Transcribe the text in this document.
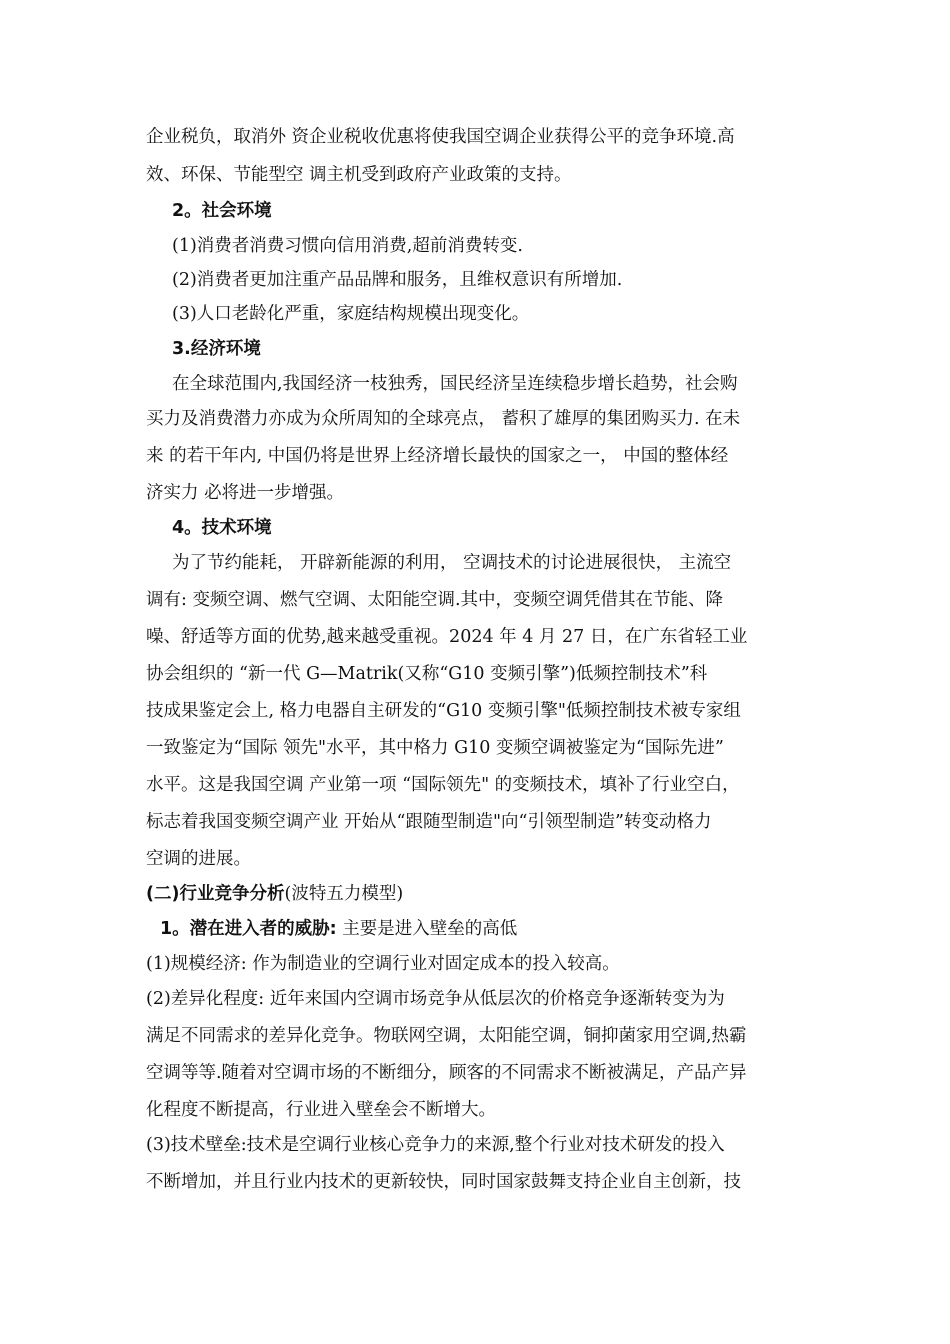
企业税负，取消外 资企业税收优惠将使我国空调企业获得公平的竞争环境.高
效、环保、节能型空 调主机受到政府产业政策的支持。
2。社会环境
(1)消费者消费习惯向信用消费,超前消费转变.
(2)消费者更加注重产品品牌和服务，且维权意识有所增加.
(3)人口老龄化严重，家庭结构规模出现变化。
3.经济环境
在全球范围内,我国经济一枝独秀，国民经济呈连续稳步增长趋势，社会购
买力及消费潜力亦成为众所周知的全球亮点， 蓄积了雄厚的集团购买力. 在未
来 的若干年内, 中国仍将是世界上经济增长最快的国家之一， 中国的整体经
济实力 必将进一步增强。
4。技术环境
为了节约能耗， 开辟新能源的利用， 空调技术的讨论进展很快， 主流空
调有: 变频空调、燃气空调、太阳能空调.其中，变频空调凭借其在节能、降
噪、舒适等方面的优势,越来越受重视。2024 年 4 月 27 日，在广东省轻工业
协会组织的 “新一代 G—Matrik(又称“G10 变频引擎”)低频控制技术”科
技成果鉴定会上, 格力电器自主研发的“G10 变频引擎"低频控制技术被专家组
一致鉴定为“国际 领先"水平，其中格力 G10 变频空调被鉴定为“国际先进”
水平。这是我国空调 产业第一项 “国际领先" 的变频技术，填补了行业空白，
标志着我国变频空调产业 开始从“跟随型制造"向“引领型制造”转变动格力
空调的进展。
(二)行业竞争分析(波特五力模型)
1。潜在进入者的威胁: 主要是进入壁垒的高低
(1)规模经济: 作为制造业的空调行业对固定成本的投入较高。
(2)差异化程度: 近年来国内空调市场竞争从低层次的价格竞争逐渐转变为为
满足不同需求的差异化竞争。物联网空调，太阳能空调，铜抑菌家用空调,热霸
空调等等.随着对空调市场的不断细分，顾客的不同需求不断被满足，产品产异
化程度不断提高，行业进入壁垒会不断增大。
(3)技术壁垒:技术是空调行业核心竞争力的来源,整个行业对技术研发的投入
不断增加，并且行业内技术的更新较快，同时国家鼓舞支持企业自主创新，技
